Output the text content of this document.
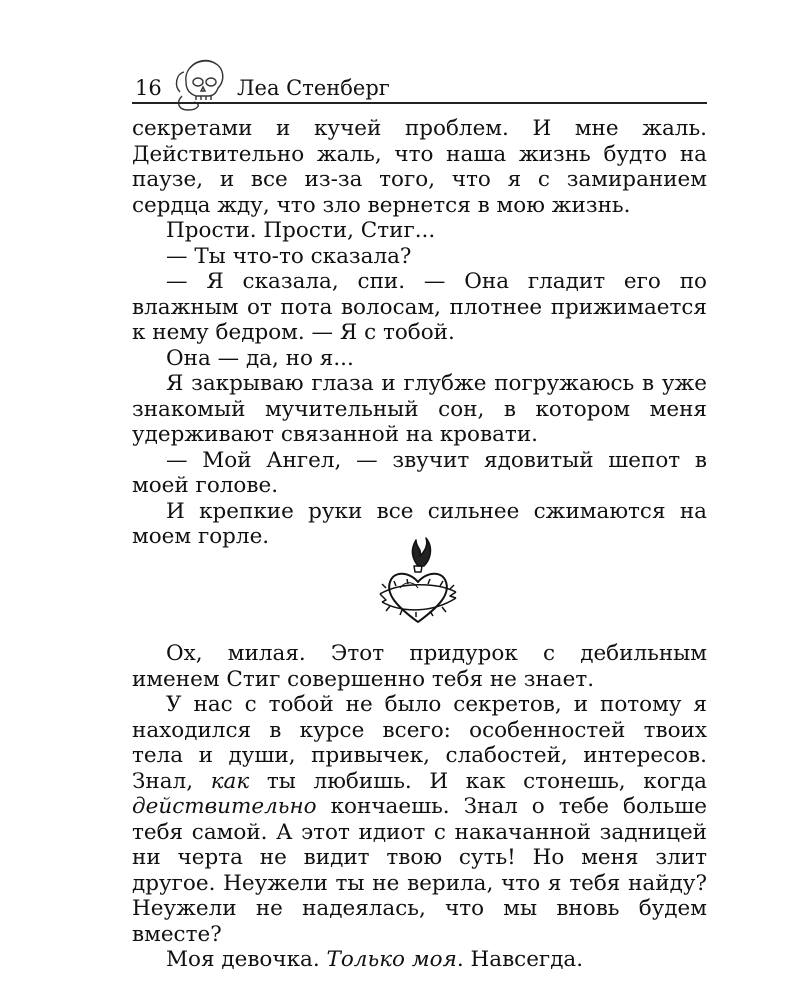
16	Леа Стенберг

секретами и кучей проблем. И мне жаль. Действительно жаль, что наша жизнь будто на паузе, и все из-за того, что я с замиранием сердца жду, что зло вернется в мою жизнь.

Прости. Прости, Стиг...

— Ты что-то сказала?

— Я сказала, спи. — Она гладит его по влажным от пота волосам, плотнее прижимается к нему бедром. — Я с тобой.

Она — да, но я...

Я закрываю глаза и глубже погружаюсь в уже знакомый мучительный сон, в котором меня удерживают связанной на кровати.

— Мой Ангел, — звучит ядовитый шепот в моей голове.

И крепкие руки все сильнее сжимаются на моем горле.

Ох, милая. Этот придурок с дебильным именем Стиг совершенно тебя не знает.

У нас с тобой не было секретов, и потому я находился в курсе всего: особенностей твоих тела и души, привычек, слабостей, интересов. Знал, как ты любишь. И как стонешь, когда действительно кончаешь. Знал о тебе больше тебя самой. А этот идиот с накачанной задницей ни черта не видит твою суть! Но меня злит другое. Неужели ты не верила, что я тебя найду? Неужели не надеялась, что мы вновь будем вместе?

Моя девочка. Только моя. Навсегда.
